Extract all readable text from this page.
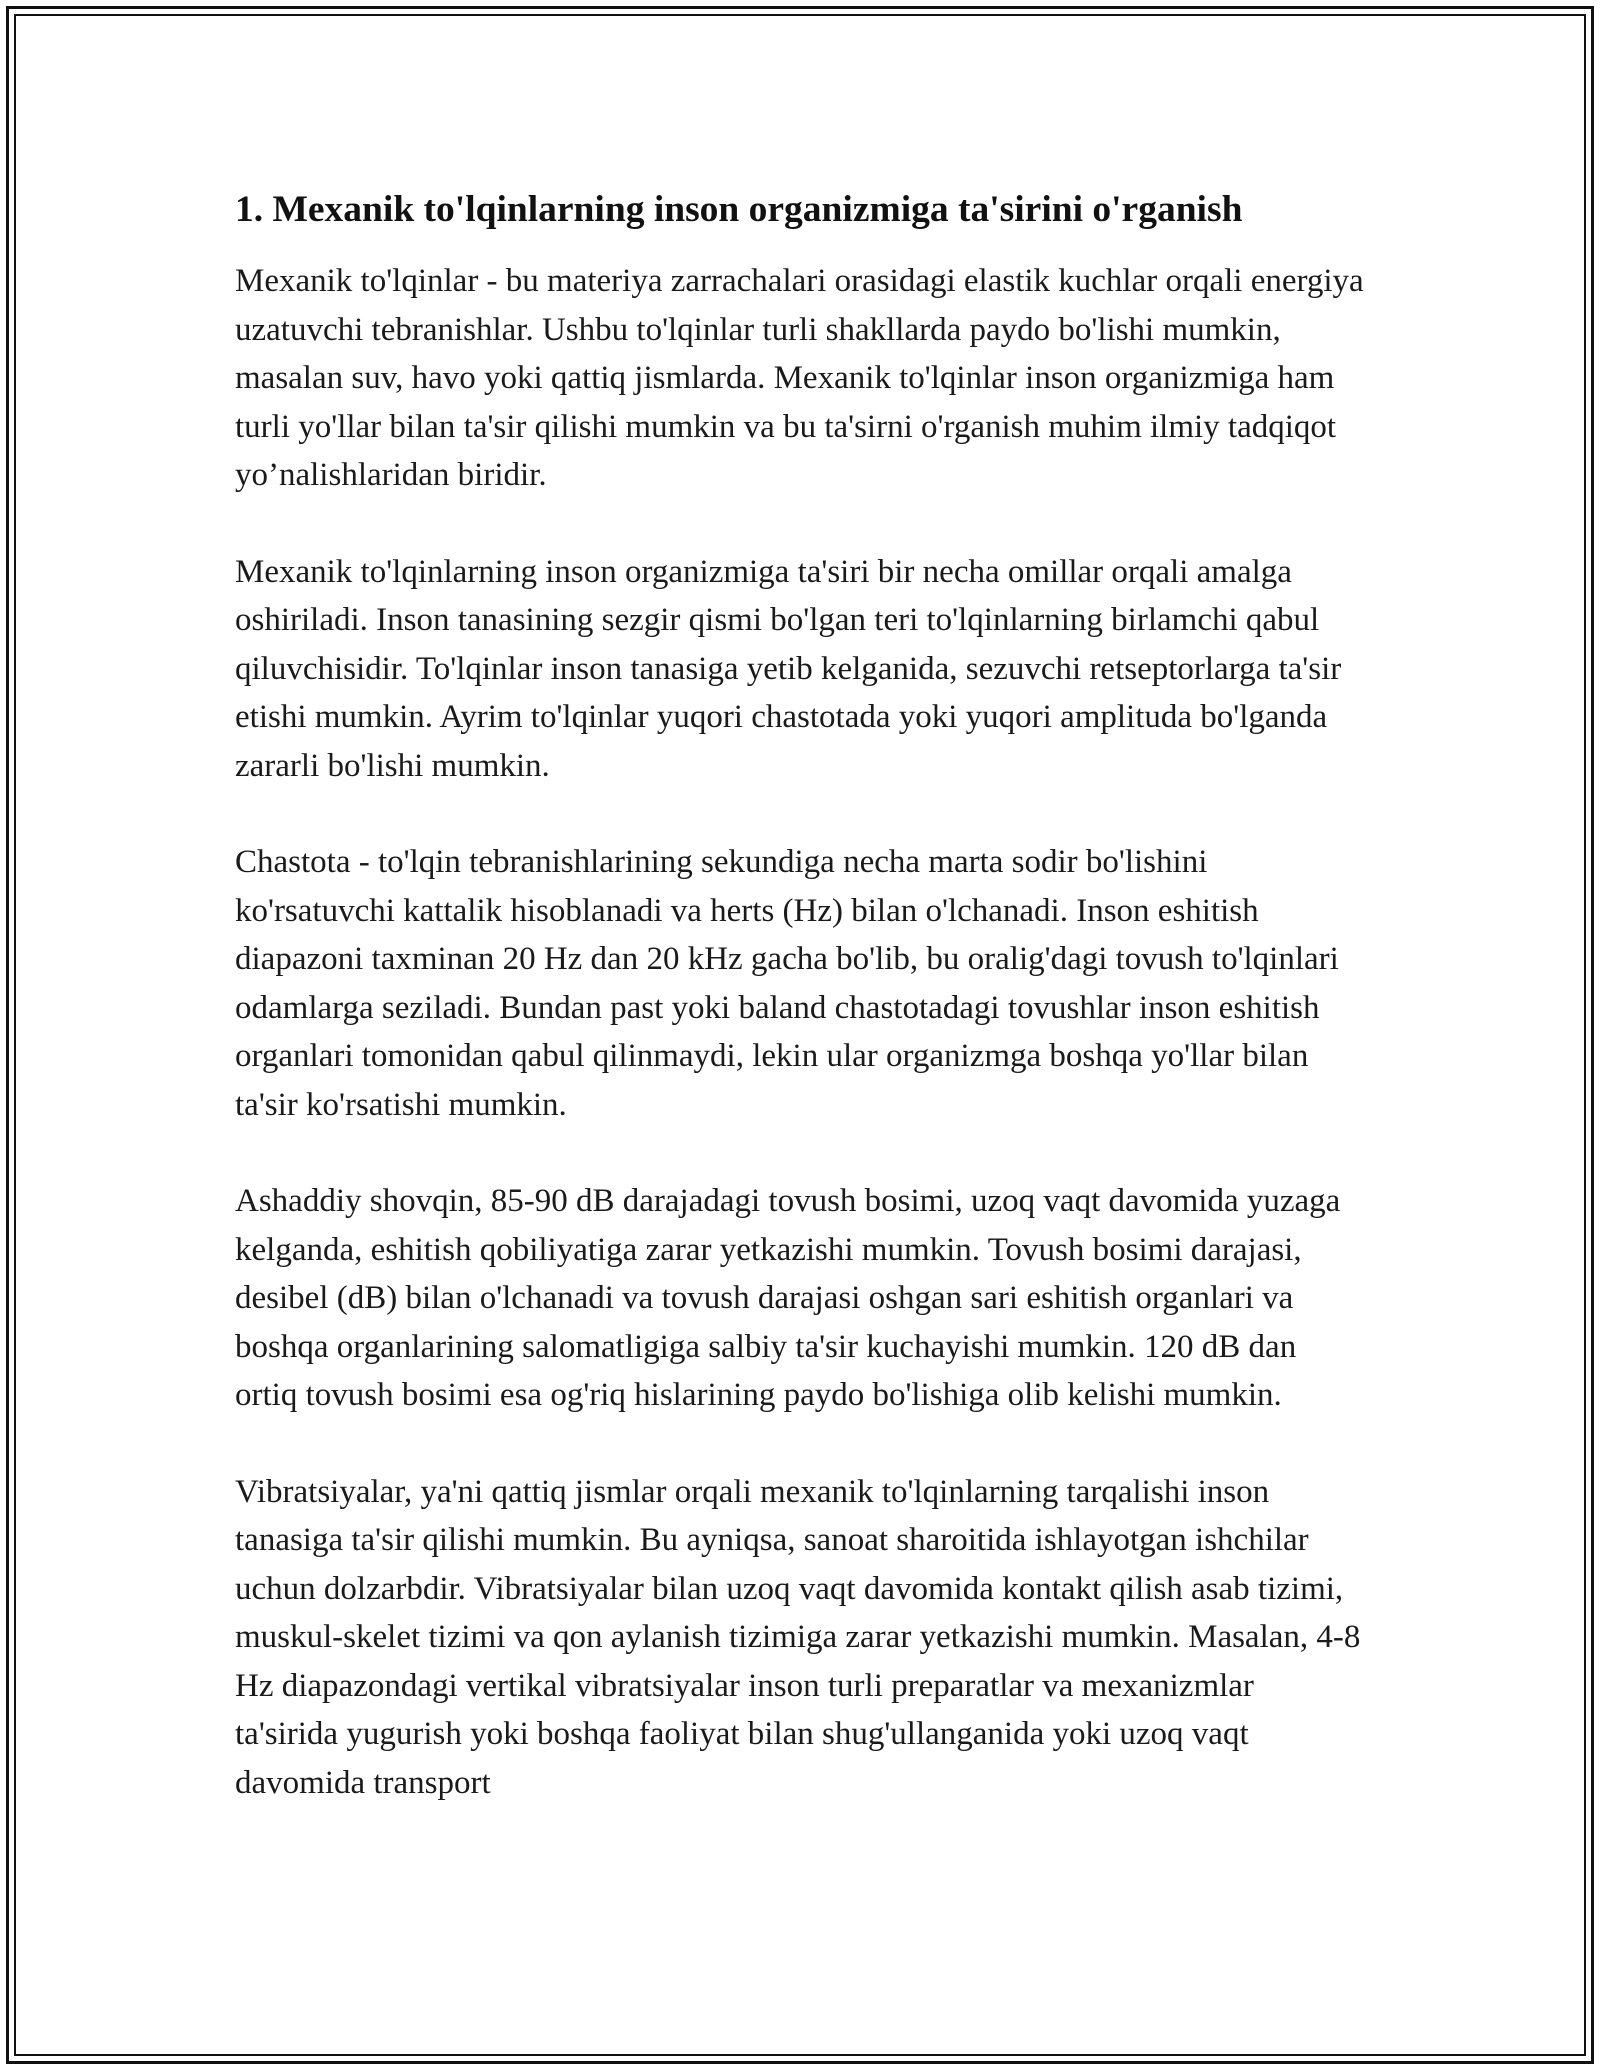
1. Mexanik to'lqinlarning inson organizmiga ta'sirini o'rganish

Mexanik to'lqinlar - bu materiya zarrachalari orasidagi elastik kuchlar orqali energiya uzatuvchi tebranishlar. Ushbu to'lqinlar turli shakllarda paydo bo'lishi mumkin, masalan suv, havo yoki qattiq jismlarda. Mexanik to'lqinlar inson organizmiga ham turli yo'llar bilan ta'sir qilishi mumkin va bu ta'sirni o'rganish muhim ilmiy tadqiqot yo’nalishlaridan biridir.

Mexanik to'lqinlarning inson organizmiga ta'siri bir necha omillar orqali amalga oshiriladi. Inson tanasining sezgir qismi bo'lgan teri to'lqinlarning birlamchi qabul qiluvchisidir. To'lqinlar inson tanasiga yetib kelganida, sezuvchi retseptorlarga ta'sir etishi mumkin. Ayrim to'lqinlar yuqori chastotada yoki yuqori amplituda bo'lganda zararli bo'lishi mumkin.

Chastota - to'lqin tebranishlarining sekundiga necha marta sodir bo'lishini ko'rsatuvchi kattalik hisoblanadi va herts (Hz) bilan o'lchanadi. Inson eshitish diapazoni taxminan 20 Hz dan 20 kHz gacha bo'lib, bu oralig'dagi tovush to'lqinlari odamlarga seziladi. Bundan past yoki baland chastotadagi tovushlar inson eshitish organlari tomonidan qabul qilinmaydi, lekin ular organizmga boshqa yo'llar bilan ta'sir ko'rsatishi mumkin.

Ashaddiy shovqin, 85-90 dB darajadagi tovush bosimi, uzoq vaqt davomida yuzaga kelganda, eshitish qobiliyatiga zarar yetkazishi mumkin. Tovush bosimi darajasi, desibel (dB) bilan o'lchanadi va tovush darajasi oshgan sari eshitish organlari va boshqa organlarining salomatligiga salbiy ta'sir kuchayishi mumkin. 120 dB dan ortiq tovush bosimi esa og'riq hislarining paydo bo'lishiga olib kelishi mumkin.

Vibratsiyalar, ya'ni qattiq jismlar orqali mexanik to'lqinlarning tarqalishi inson tanasiga ta'sir qilishi mumkin. Bu ayniqsa, sanoat sharoitida ishlayotgan ishchilar uchun dolzarbdir. Vibratsiyalar bilan uzoq vaqt davomida kontakt qilish asab tizimi, muskul-skelet tizimi va qon aylanish tizimiga zarar yetkazishi mumkin. Masalan, 4-8 Hz diapazondagi vertikal vibratsiyalar inson turli preparatlar va mexanizmlar ta'sirida yugurish yoki boshqa faoliyat bilan shug'ullanganida yoki uzoq vaqt davomida transport
